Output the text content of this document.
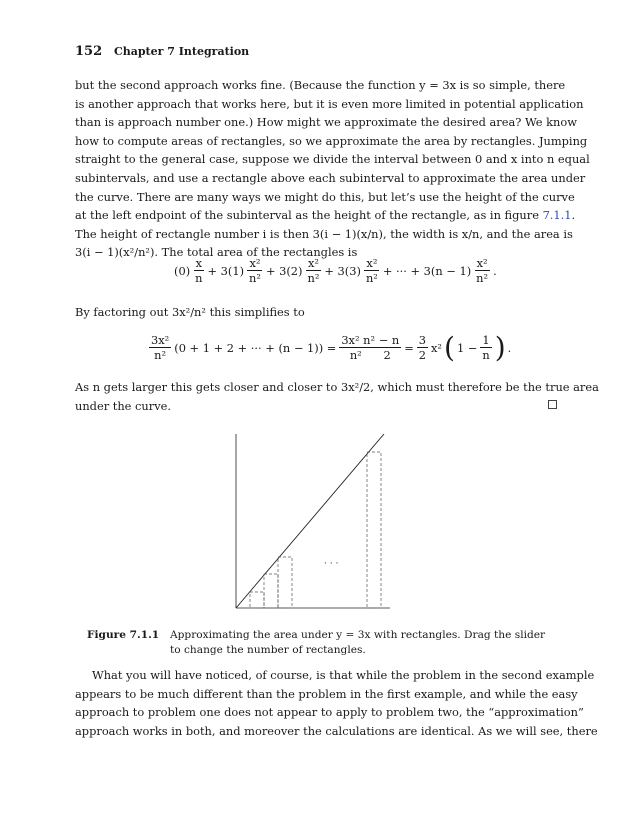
152 Chapter 7 Integration
but the second approach works fine. (Because the function y = 3x is so simple, there
is another approach that works here, but it is even more limited in potential application
than is approach number one.) How might we approximate the desired area? We know
how to compute areas of rectangles, so we approximate the area by rectangles. Jumping
straight to the general case, suppose we divide the interval between 0 and x into n equal
subintervals, and use a rectangle above each subinterval to approximate the area under
the curve. There are many ways we might do this, but let’s use the height of the curve
at the left endpoint of the subinterval as the height of the rectangle, as in figure 7.1.1.
The height of rectangle number i is then 3(i − 1)(x/n), the width is x/n, and the area is
3(i − 1)(x²/n²). The total area of the rectangles is
$(0) \frac{x}{n} + 3(1) \frac{\text{x²}}{\text{n²}} + 3(2) \frac{\text{x²}}{\text{n²}} + 3(3) \frac{\text{x²}}{\text{n²}}$ + ··· + $3(n - 1) \frac{\text{x²}}{\text{n²}}$ .
By factoring out 3x²/n² this simplifies to
$\frac{\text{3x²}}{\text{n²}} (0 + 1 + 2$ + ··· + $(n - 1)) = \frac{\text{3x² n² − n}}{\text{n²      2}} = \frac{3}{2} x^2$ ( $1 - \frac{1}{n}$ ) .
As n gets larger this gets closer and closer to 3x²/2, which must therefore be the true area
under the curve.
· · ·
Figure 7.1.1	Approximating the area under y = 3x with rectangles. Drag the slider to change the number of rectangles.
What you will have noticed, of course, is that while the problem in the second example
appears to be much different than the problem in the first example, and while the easy
approach to problem one does not appear to apply to problem two, the “approximation”
approach works in both, and moreover the calculations are identical. As we will see, there
